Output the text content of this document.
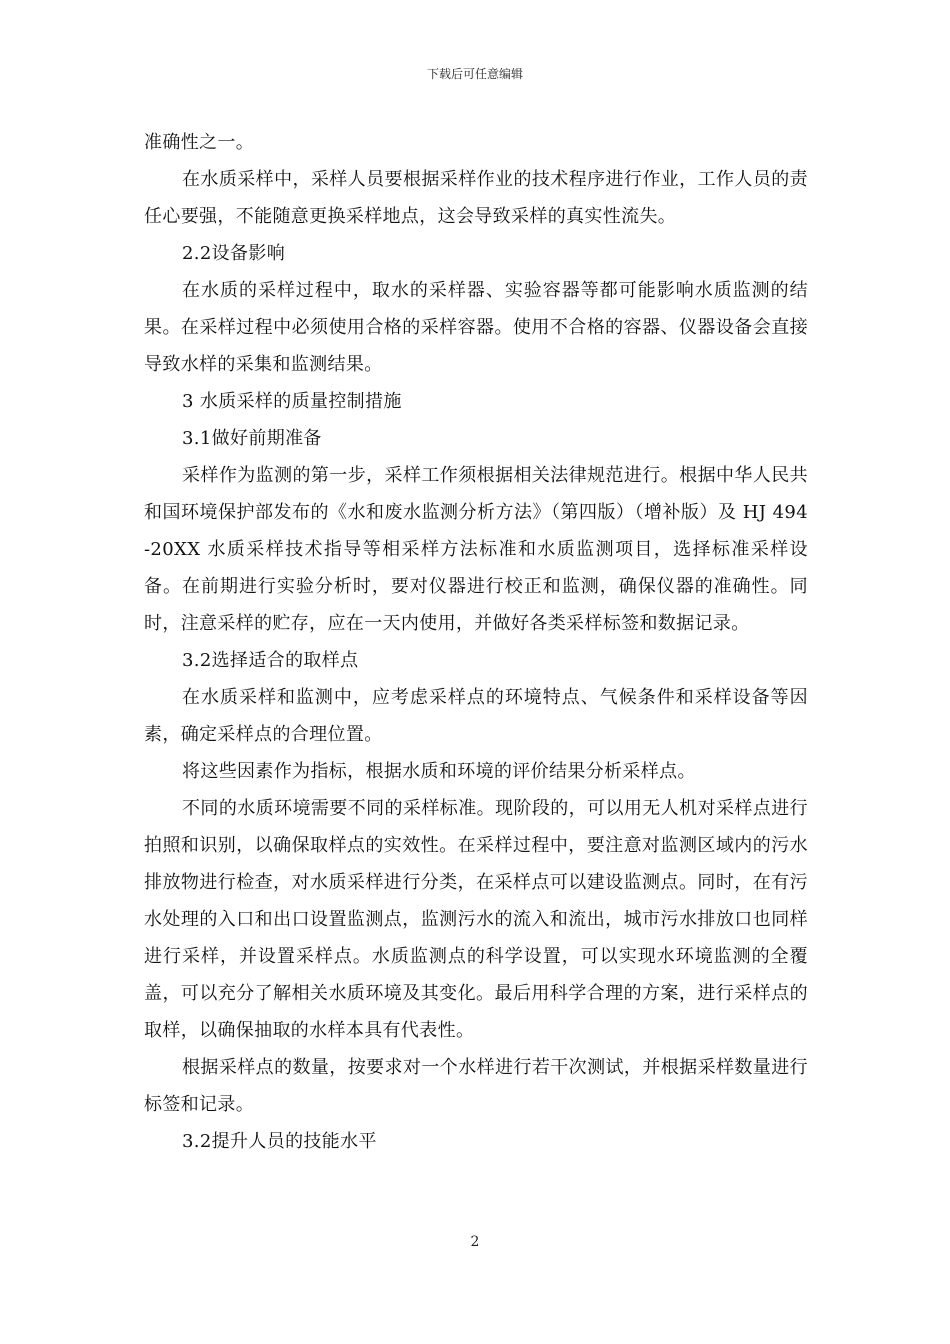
下载后可任意编辑

准确性之一。

在水质采样中，采样人员要根据采样作业的技术程序进行作业，工作人员的责任心要强，不能随意更换采样地点，这会导致采样的真实性流失。

2.2设备影响

在水质的采样过程中，取水的采样器、实验容器等都可能影响水质监测的结果。在采样过程中必须使用合格的采样容器。使用不合格的容器、仪器设备会直接导致水样的采集和监测结果。

3 水质采样的质量控制措施

3.1做好前期准备

采样作为监测的第一步，采样工作须根据相关法律规范进行。根据中华人民共和国环境保护部发布的《水和废水监测分析方法》（第四版）（增补版）及 HJ 494-20XX 水质采样技术指导等相采样方法标准和水质监测项目，选择标准采样设备。在前期进行实验分析时，要对仪器进行校正和监测，确保仪器的准确性。同时，注意采样的贮存，应在一天内使用，并做好各类采样标签和数据记录。

3.2选择适合的取样点

在水质采样和监测中，应考虑采样点的环境特点、气候条件和采样设备等因素，确定采样点的合理位置。

将这些因素作为指标，根据水质和环境的评价结果分析采样点。

不同的水质环境需要不同的采样标准。现阶段的，可以用无人机对采样点进行拍照和识别，以确保取样点的实效性。在采样过程中，要注意对监测区域内的污水排放物进行检查，对水质采样进行分类，在采样点可以建设监测点。同时，在有污水处理的入口和出口设置监测点，监测污水的流入和流出，城市污水排放口也同样进行采样，并设置采样点。水质监测点的科学设置，可以实现水环境监测的全覆盖，可以充分了解相关水质环境及其变化。最后用科学合理的方案，进行采样点的取样，以确保抽取的水样本具有代表性。

根据采样点的数量，按要求对一个水样进行若干次测试，并根据采样数量进行标签和记录。

3.2提升人员的技能水平

2
